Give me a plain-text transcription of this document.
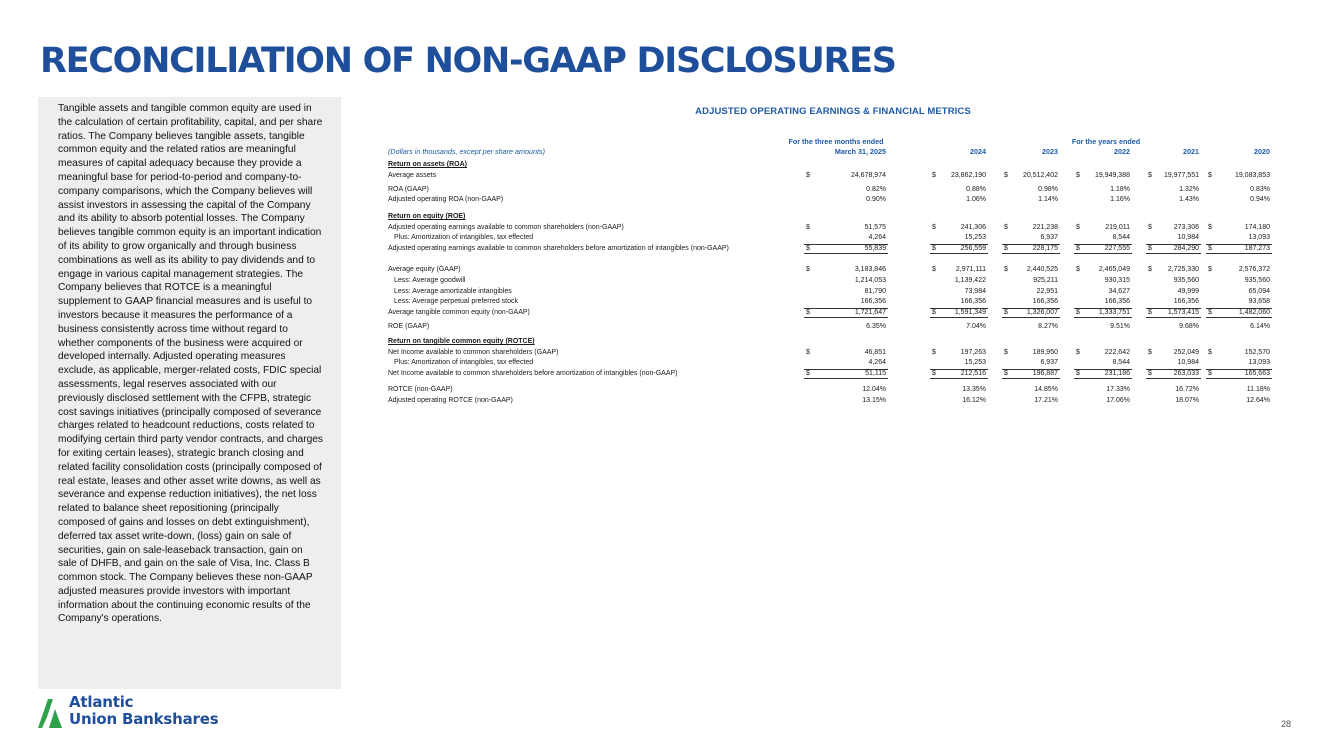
RECONCILIATION OF NON-GAAP DISCLOSURES

Tangible assets and tangible common equity are used in the calculation of certain profitability, capital, and per share ratios. The Company believes tangible assets, tangible common equity and the related ratios are meaningful measures of capital adequacy because they provide a meaningful base for period-to-period and company-to-company comparisons, which the Company believes will assist investors in assessing the capital of the Company and its ability to absorb potential losses. The Company believes tangible common equity is an important indication of its ability to grow organically and through business combinations as well as its ability to pay dividends and to engage in various capital management strategies. The Company believes that ROTCE is a meaningful supplement to GAAP financial measures and is useful to investors because it measures the performance of a business consistently across time without regard to whether components of the business were acquired or developed internally. Adjusted operating measures exclude, as applicable, merger-related costs, FDIC special assessments, legal reserves associated with our previously disclosed settlement with the CFPB, strategic cost savings initiatives (principally composed of severance charges related to headcount reductions, costs related to modifying certain third party vendor contracts, and charges for exiting certain leases), strategic branch closing and related facility consolidation costs (principally composed of real estate, leases and other asset write downs, as well as severance and expense reduction initiatives), the net loss related to balance sheet repositioning (principally composed of gains and losses on debt extinguishment), deferred tax asset write-down, (loss) gain on sale of securities, gain on sale-leaseback transaction, gain on sale of DHFB, and gain on the sale of Visa, Inc. Class B common stock. The Company believes these non-GAAP adjusted measures provide investors with important information about the continuing economic results of the Company's operations.

ADJUSTED OPERATING EARNINGS & FINANCIAL METRICS
For the three months ended	For the years ended
(Dollars in thousands, except per share amounts)	March 31, 2025	2024	2023	2022	2021	2020
Return on assets (ROA)
Average assets	$	24,678,974	$	23,862,190	$	20,512,402	$	19,949,388	$	19,977,551 $	19,083,853
ROA (GAAP)	0.82%	0.88%	0.98%	1.18%	1.32%	0.83%
Adjusted operating ROA (non-GAAP)	0.90%	1.06%	1.14%	1.16%	1.43%	0.94%
Return on equity (ROE)
Adjusted operating earnings available to common shareholders (non-GAAP)	$	51,575	$	241,306	$	221,238	$	219,011	$	273,306 $	174,180
Plus: Amortization of intangibles, tax effected	4,264	15,253	6,937	8,544	10,984	13,093
Adjusted operating earnings available to common shareholders before amortization of intangibles (non-GAAP)	$	55,839	$	256,559	$	228,175	$	227,555	$	284,290 $	187,273
Average equity (GAAP)	$	3,183,846	$	2,971,111	$	2,440,525	$	2,465,049	$	2,725,330 $	2,576,372
Less: Average goodwill	1,214,053	1,139,422	925,211	930,315	935,560	935,560
Less: Average amortizable intangibles	81,790	73,984	22,951	34,627	49,999	65,094
Less: Average perpetual preferred stock	166,356	166,356	166,356	166,356	166,356	93,658
Average tangible common equity (non-GAAP)	$	1,721,647	$	1,591,349	$	1,326,007	$	1,333,751	$	1,573,415 $	1,482,060
ROE (GAAP)	6.35%	7.04%	8.27%	9.51%	9.68%	6.14%
Return on tangible common equity (ROTCE)
Net Income available to common shareholders (GAAP)	$	46,851	$	197,263	$	189,950	$	222,642	$	252,049 $	152,570
Plus: Amortization of intangibles, tax effected	4,264	15,253	6,937	8,544	10,984	13,093
Net Income available to common shareholders before amortization of intangibles (non-GAAP)	$	51,115	$	212,516	$	196,887	$	231,186	$	263,033 $	165,663
ROTCE (non-GAAP)	12.04%	13.35%	14.85%	17.33%	16.72%	11.18%
Adjusted operating ROTCE (non-GAAP)	13.15%	16.12%	17.21%	17.06%	18.07%	12.64%
Atlantic
Union Bankshares	28
